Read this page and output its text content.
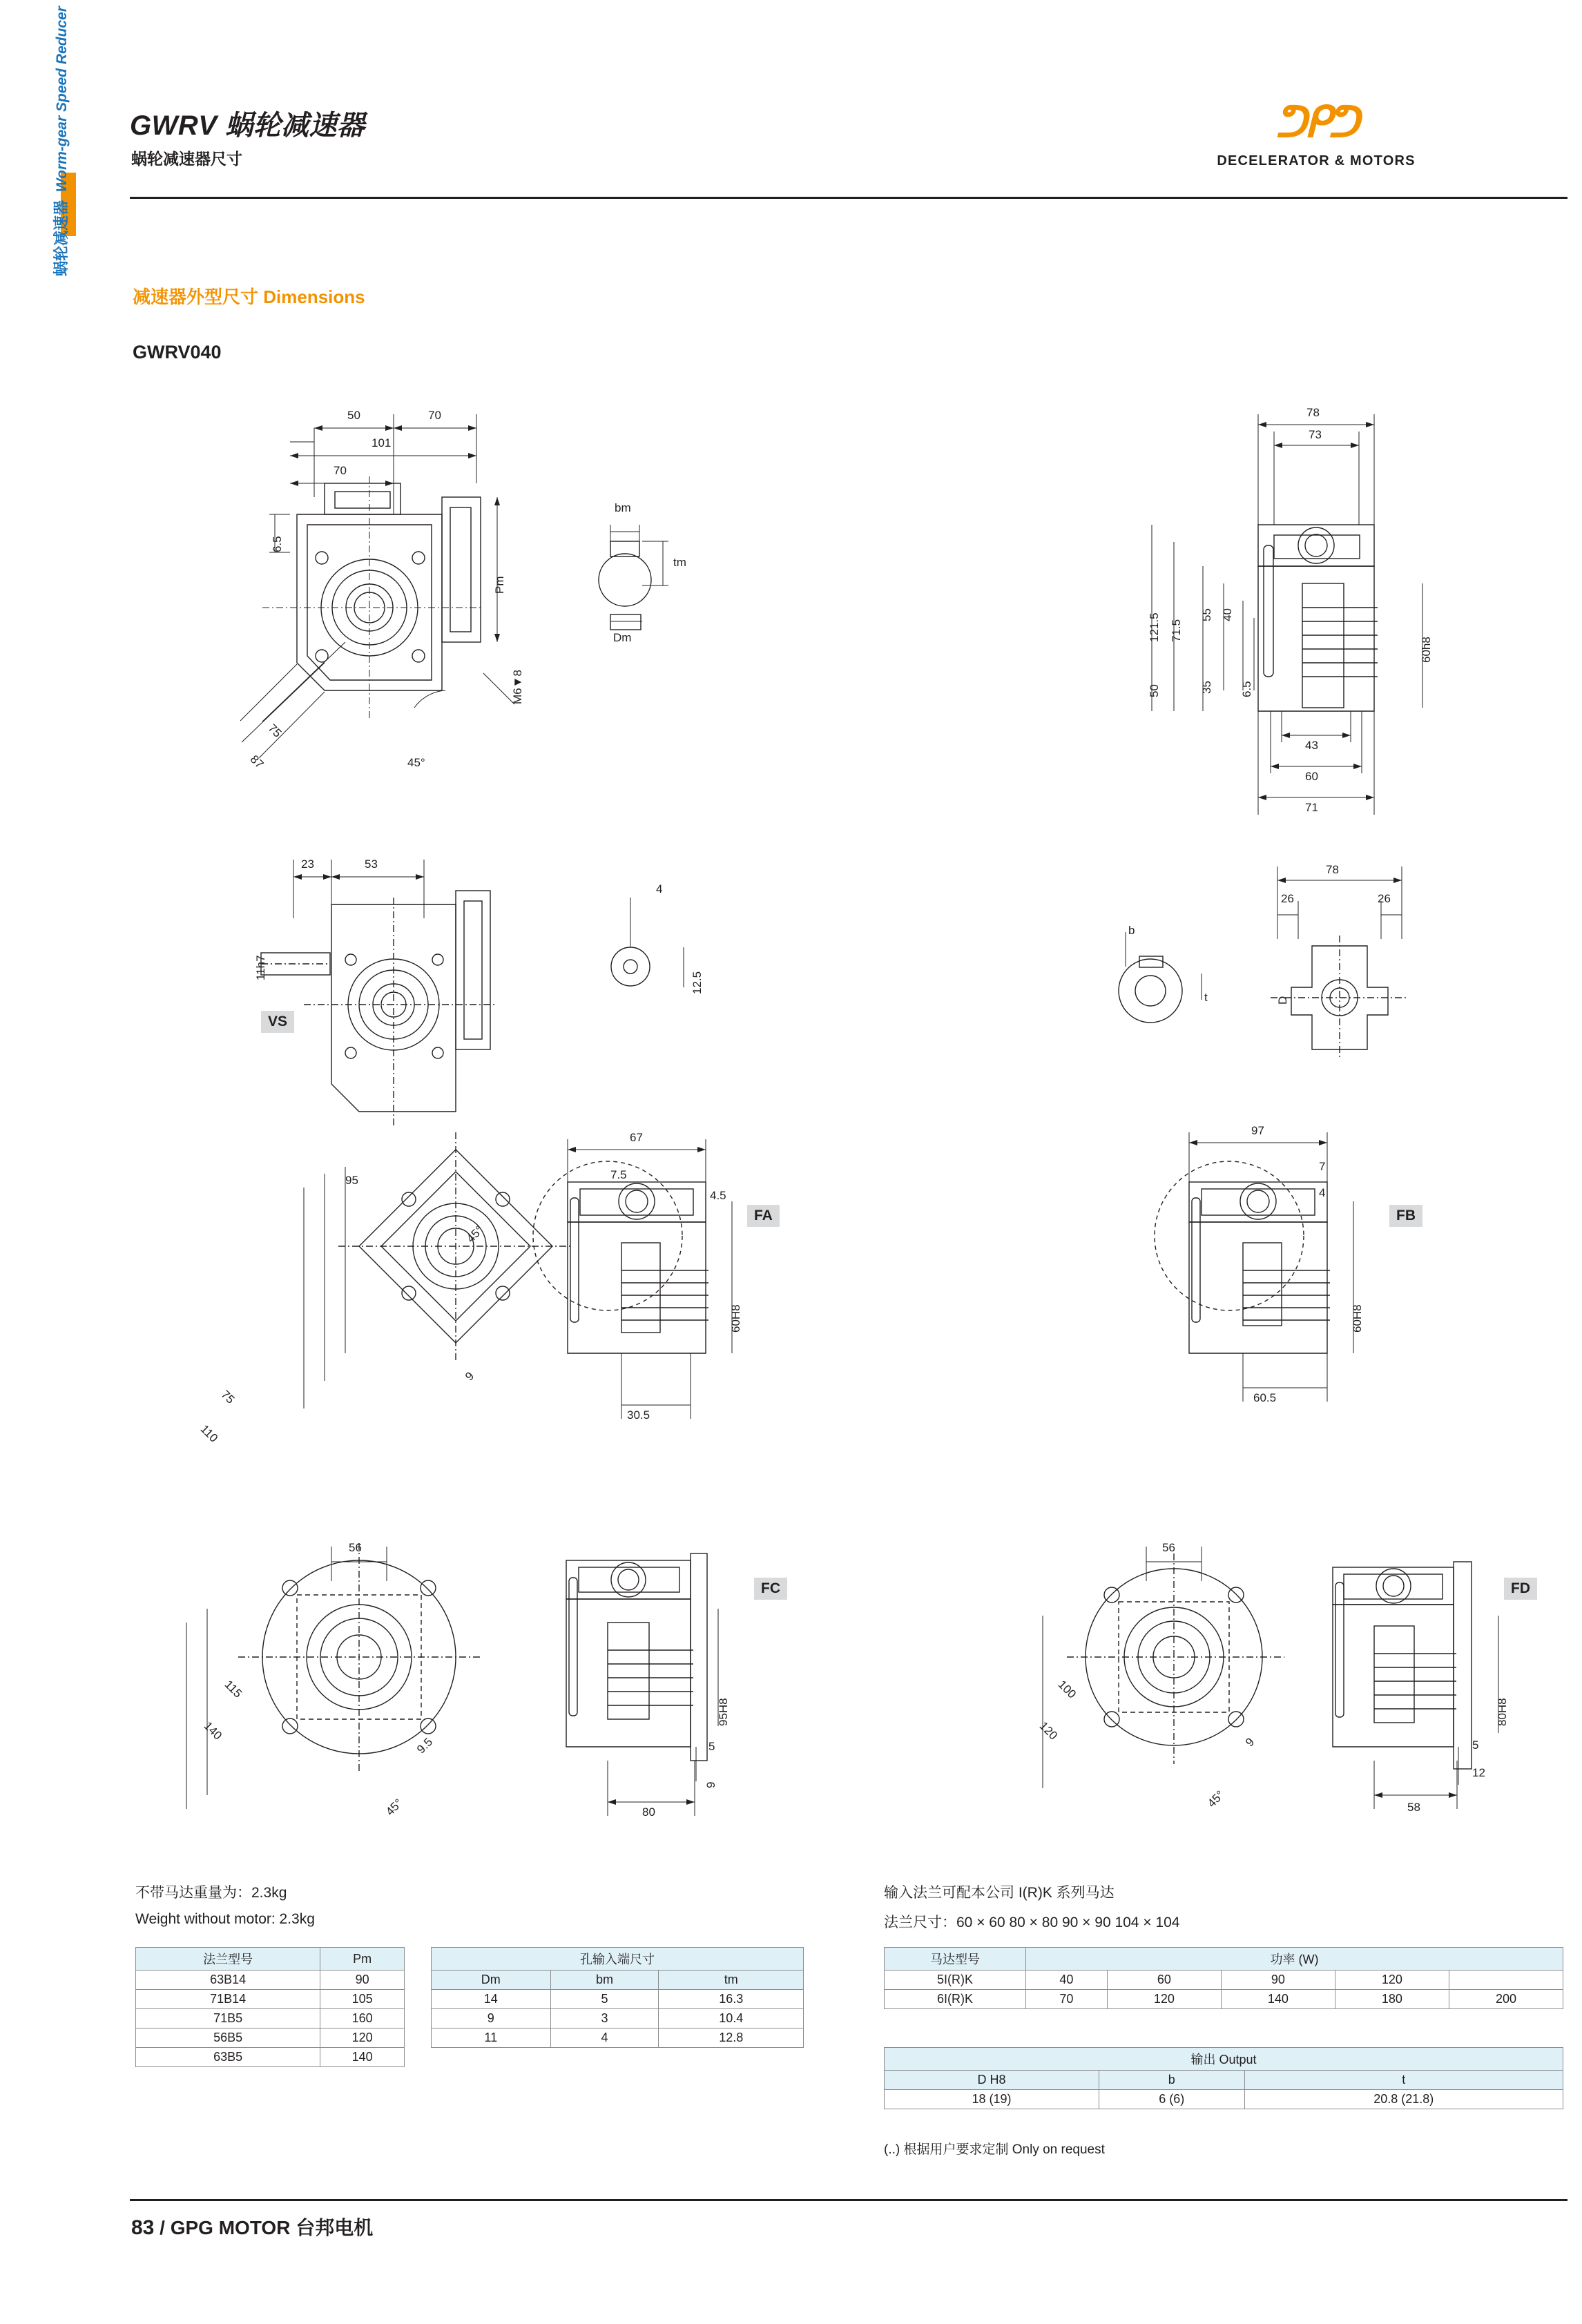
GWRV 蜗轮减速器
蜗轮减速器尺寸
蜗轮减速器  Worm-gear Speed Reducer	ᕤᑭᕤ
DECELERATOR & MOTORS
减速器外型尺寸 Dimensions
GWRV040
50	70
101
70
6.5
Pm
75
87	45°
M6▼8
bm
tm
Dm
78
73
121.5 71.5
55 40
50	35 6.5
60h8
43
60
71
23	53
11h7
4
12.5
78
26	26
b
t	D
67
7.5
4.5
60H8
30.5
95
110
75
9
45°
97
7
4
60H8
60.5
56
95H8
5
9
80
115
140
9.5
45°
56
80H8
5
12
58
100
120	9
45°
VS
FA	FB
FC	FD
不带马达重量为：2.3kg
Weight without motor: 2.3kg
输入法兰可配本公司 I(R)K 系列马达
法兰尺寸：60 × 60 80 × 80 90 × 90 104 × 104
(..) 根据用户要求定制 Only on request
法兰型号	Pm
63B14	90
71B14	105
71B5	160
56B5	120
63B5	140
孔输入端尺寸		
Dm	bm	tm
14	5	16.3
9	3	10.4
11	4	12.8
马达型号	功率 (W)				
5I(R)K	40	60	90	120	
6I(R)K	70	120	140	180	200
输出 Output		
D H8	b	t
18 (19)	6 (6)	20.8 (21.8)
83 / GPG MOTOR 台邦电机
